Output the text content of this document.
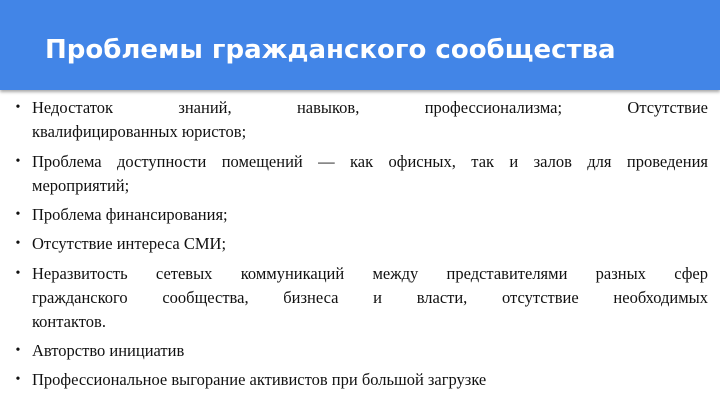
Проблемы гражданского сообщества
• Недостаток знаний, навыков, профессионализма; Отсутствие
квалифицированных юристов;
• Проблема доступности помещений — как офисных, так и залов для проведения
мероприятий;
• Проблема финансирования;
• Отсутствие интереса СМИ;
• Неразвитость сетевых коммуникаций между представителями разных сфер
гражданского сообщества, бизнеса и власти, отсутствие необходимых
контактов.
• Авторство инициатив
• Профессиональное выгорание активистов при большой загрузке
